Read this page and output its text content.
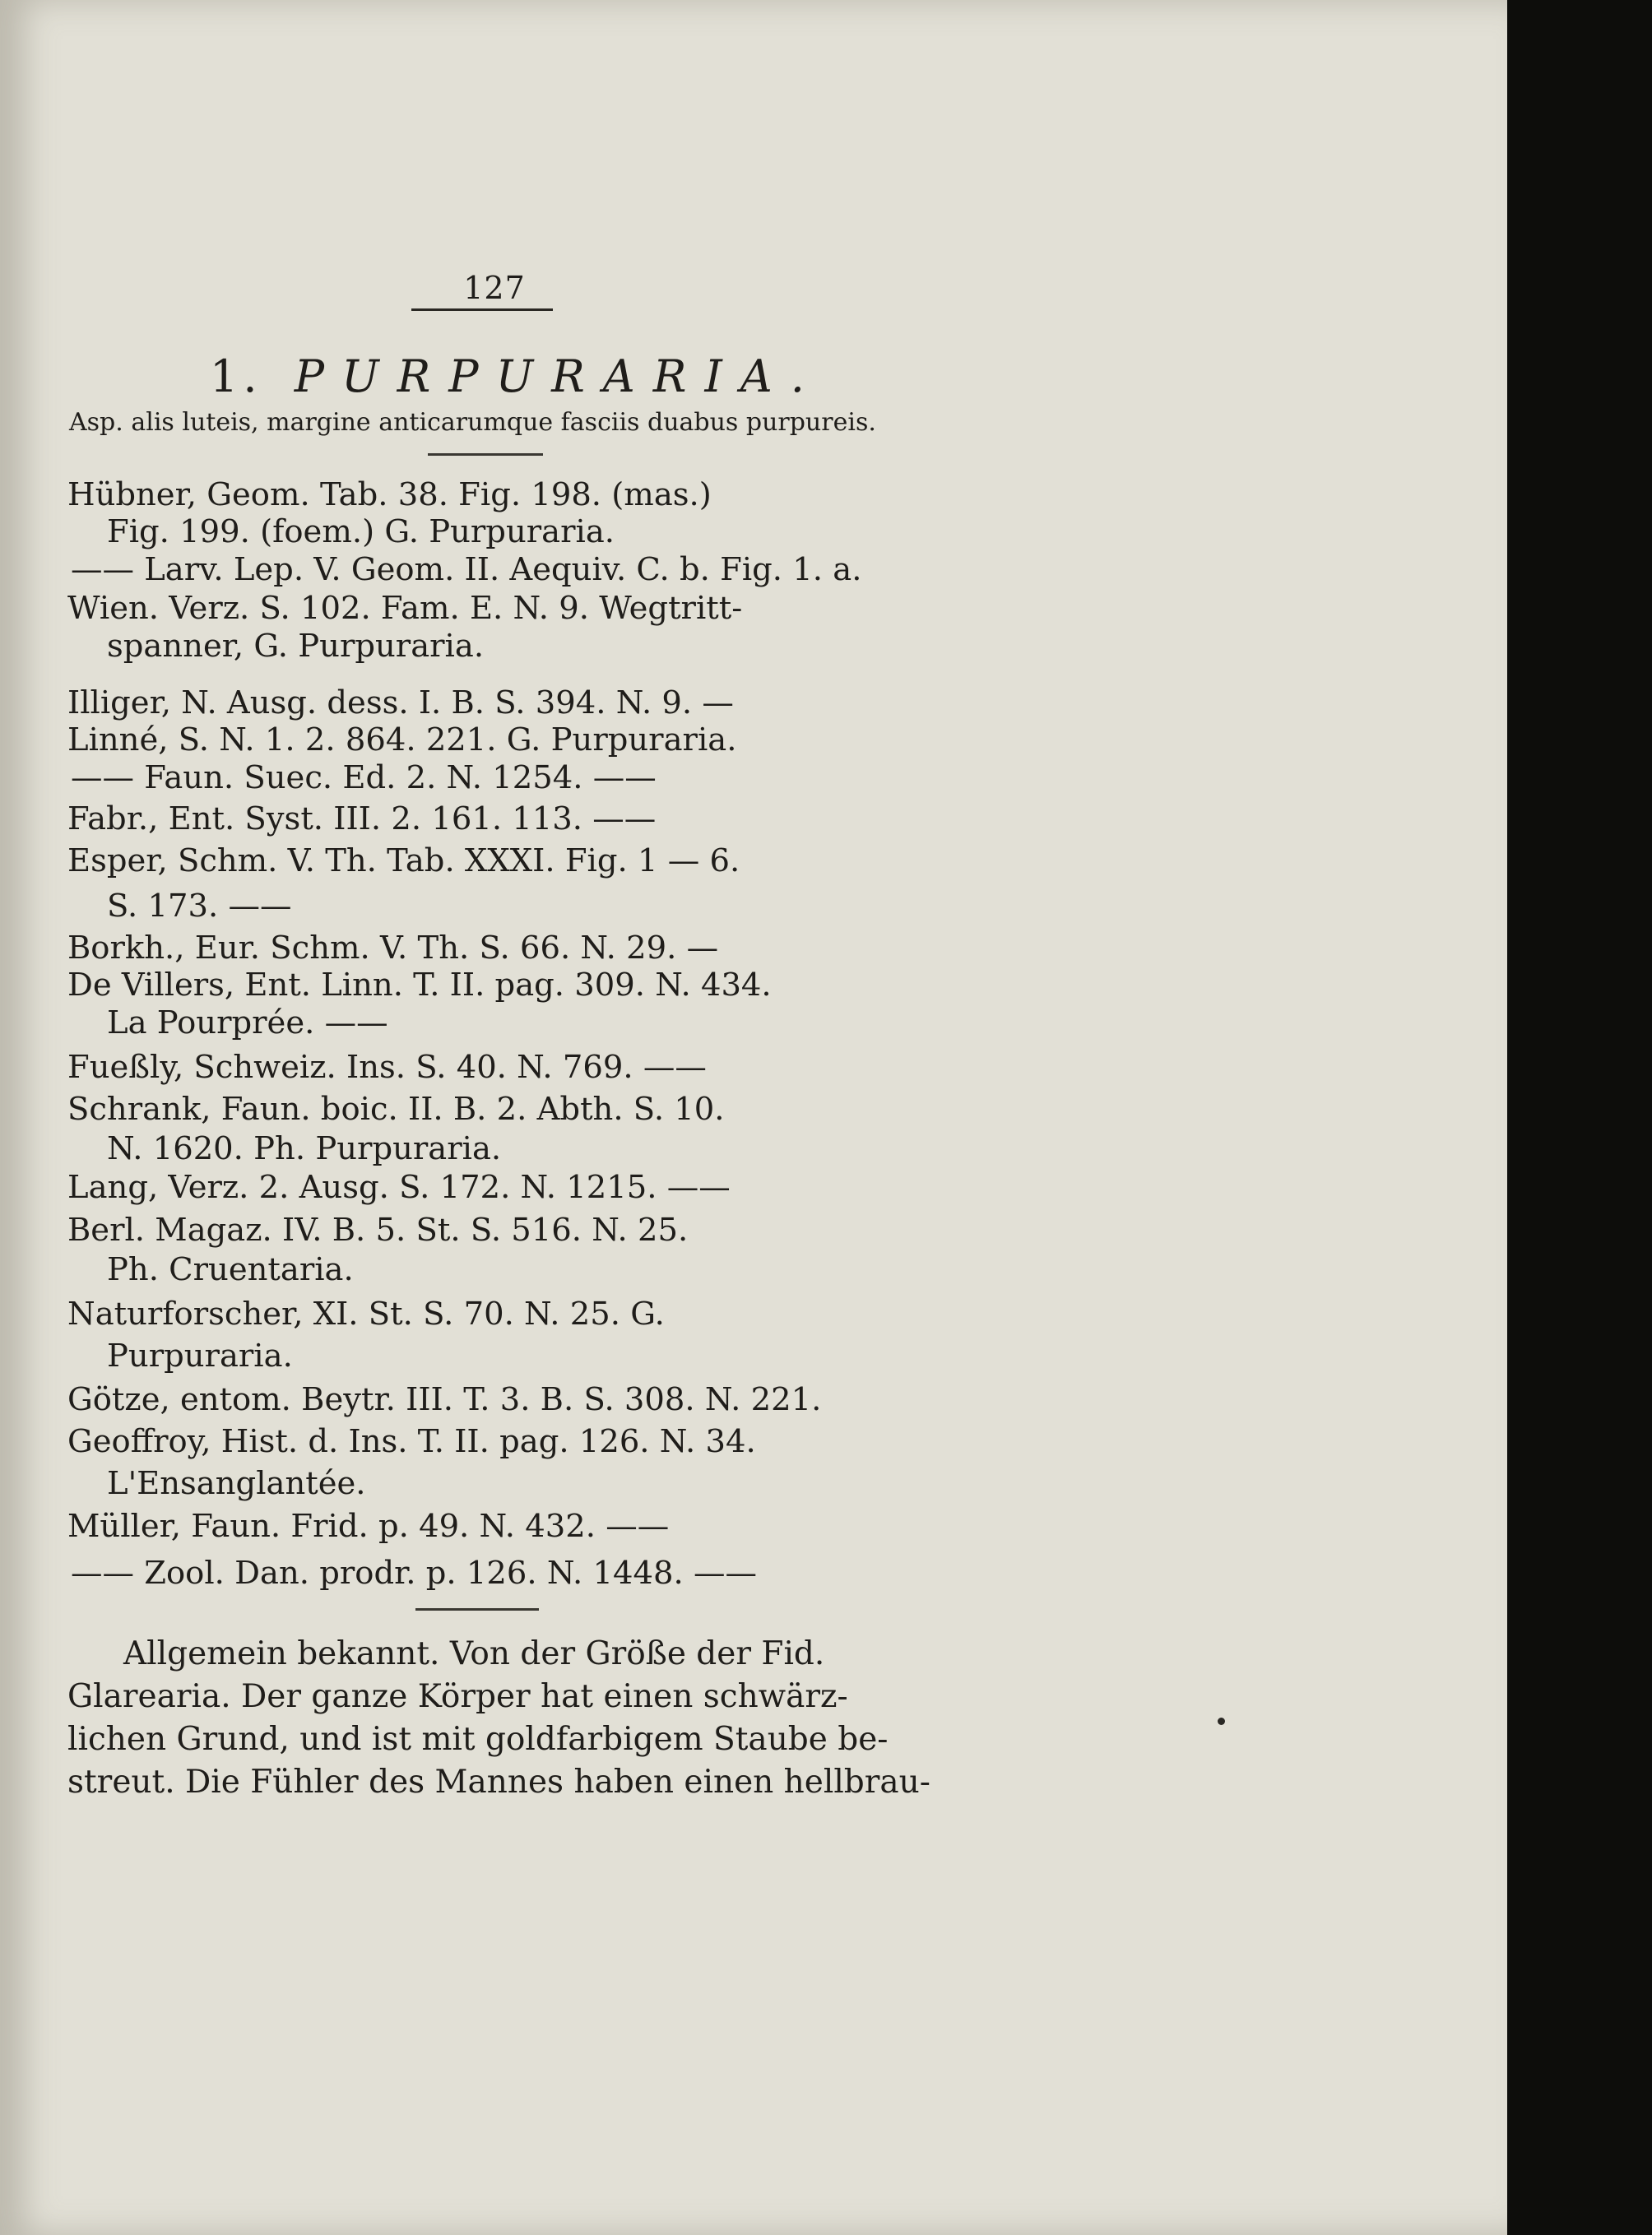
127
1. PURPURARIA.
Asp. alis luteis, margine anticarumque fasciis duabus purpureis.
Hübner, Geom. Tab. 38. Fig. 198. (mas.)
Fig. 199. (foem.) G. Purpuraria.
—— Larv. Lep. V. Geom. II. Aequiv. C. b. Fig. 1. a.
Wien. Verz. S. 102. Fam. E. N. 9. Wegtritt-
spanner, G. Purpuraria.
Illiger, N. Ausg. dess. I. B. S. 394. N. 9. —
Linné, S. N. 1. 2. 864. 221. G. Purpuraria.
—— Faun. Suec. Ed. 2. N. 1254. ——
Fabr., Ent. Syst. III. 2. 161. 113. ——
Esper, Schm. V. Th. Tab. XXXI. Fig. 1 — 6.
S. 173. ——
Borkh., Eur. Schm. V. Th. S. 66. N. 29. —
De Villers, Ent. Linn. T. II. pag. 309. N. 434.
La Pourprée. ——
Fueßly, Schweiz. Ins. S. 40. N. 769. ——
Schrank, Faun. boic. II. B. 2. Abth. S. 10.
N. 1620. Ph. Purpuraria.
Lang, Verz. 2. Ausg. S. 172. N. 1215. ——
Berl. Magaz. IV. B. 5. St. S. 516. N. 25.
Ph. Cruentaria.
Naturforscher, XI. St. S. 70. N. 25. G.
Purpuraria.
Götze, entom. Beytr. III. T. 3. B. S. 308. N. 221.
Geoffroy, Hist. d. Ins. T. II. pag. 126. N. 34.
L'Ensanglantée.
Müller, Faun. Frid. p. 49. N. 432. ——
—— Zool. Dan. prodr. p. 126. N. 1448. ——
Allgemein bekannt. Von der Größe der Fid.
Glarearia. Der ganze Körper hat einen schwärz-
lichen Grund, und ist mit goldfarbigem Staube be-
streut. Die Fühler des Mannes haben einen hellbrau-
